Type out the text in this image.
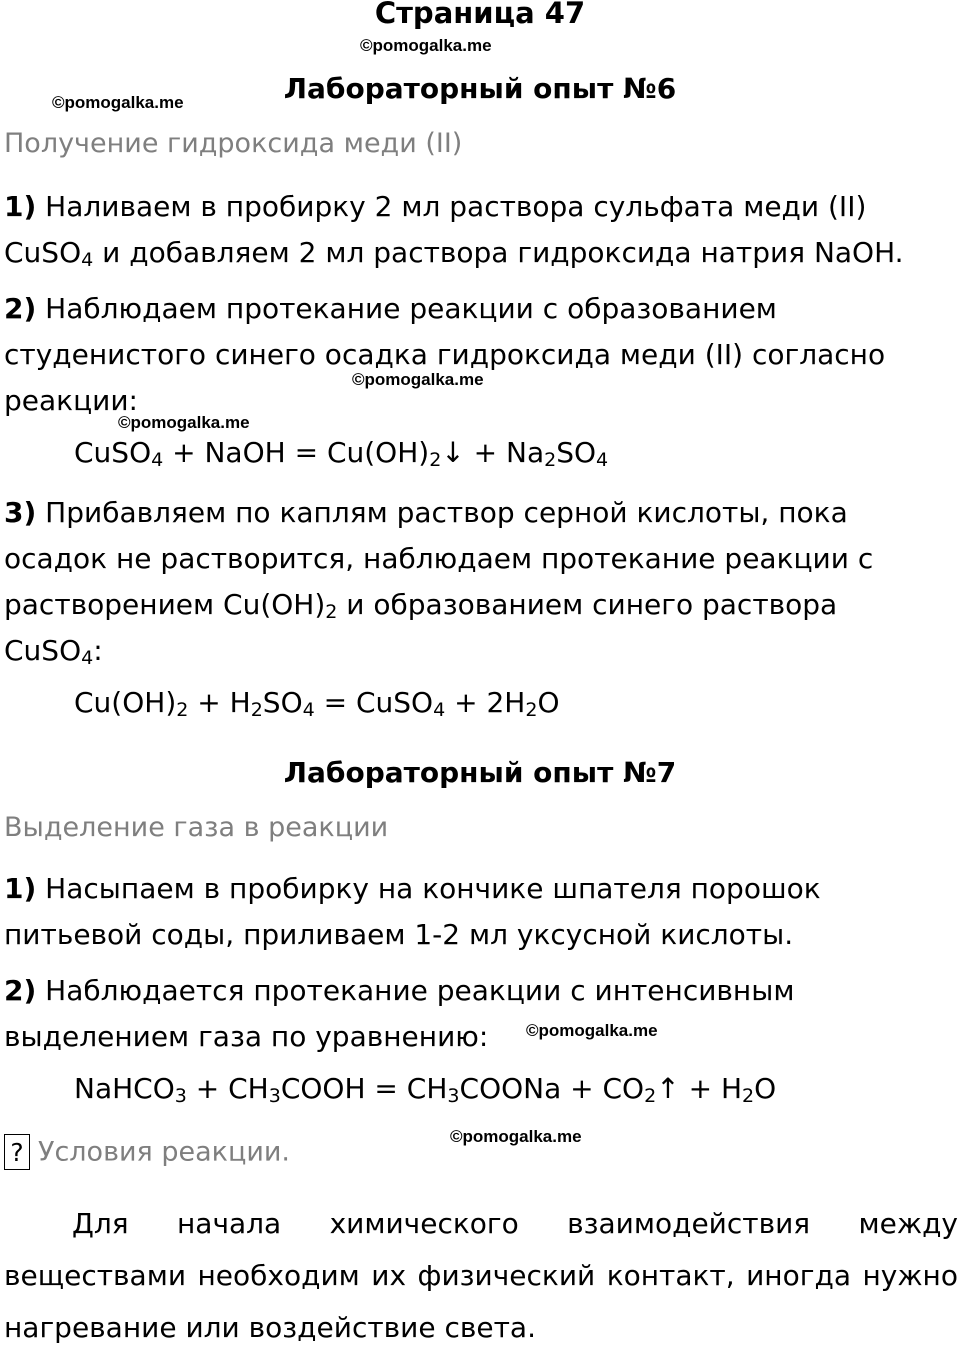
Страница 47
©pomogalka.me
©pomogalka.me	Лабораторный опыт №6
Получение гидроксида меди (II)
1) Наливаем в пробирку 2 мл раствора сульфата меди (II)
CuSO$_4$ и добавляем 2 мл раствора гидроксида натрия NaOH.
2) Наблюдаем протекание реакции с образованием
студенистого синего осадка гидроксида меди (II) согласно
реакции:
©pomogalka.me
©pomogalka.me
CuSO$_4$ + NaOH = $Cu(OH)_2↓ + Na_2SO_4$
3) Прибавляем по каплям раствор серной кислоты, пока
осадок не растворится, наблюдаем протекание реакции с
растворением $Cu(OH)_2$ и образованием синего раствора
CuSO$_4$:
$Cu(OH)_2 + H_2SO_4$ = CuSO$_4$ + $2H_2O$
Лабораторный опыт №7
Выделение газа в реакции
1) Насыпаем в пробирку на кончике шпателя порошок
питьевой соды, приливаем 1-2 мл уксусной кислоты.
2) Наблюдается протекание реакции с интенсивным
выделением газа по уравнению:	©pomogalka.me
NaHCO$_3$ + $CH_3COOH$ = $CH_3COONa$ + $CO_2↑ + H_2O$
©pomogalka.me
? Условия реакции.
Для начала химического взаимодействия между веществами необходим их физический контакт, иногда нужно нагревание или воздействие света.
